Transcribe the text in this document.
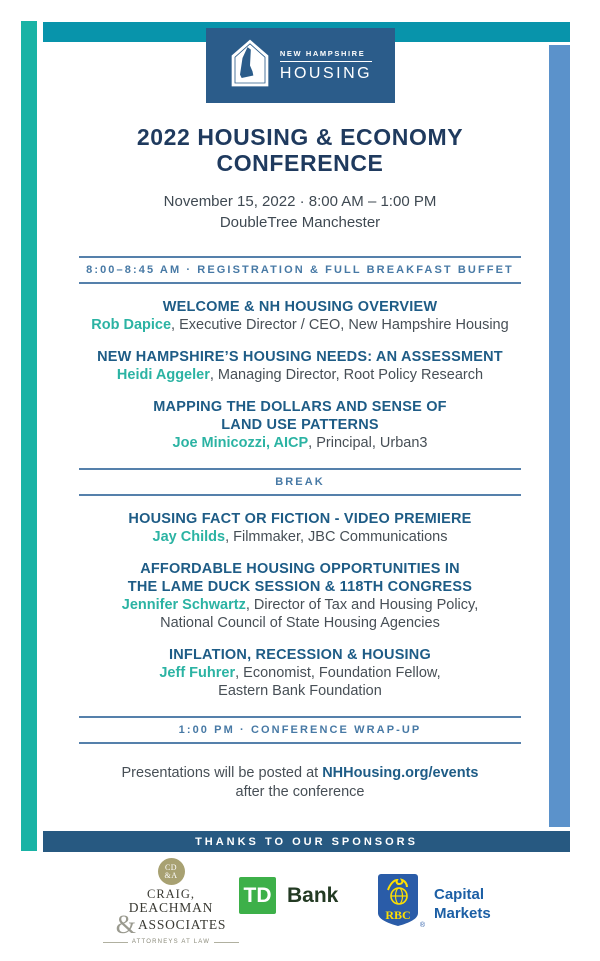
NEW HAMPSHIRE
HOUSING
2022 HOUSING & ECONOMY
CONFERENCE
November 15, 2022 · 8:00 AM – 1:00 PM
DoubleTree Manchester
8:00–8:45 AM · REGISTRATION & FULL BREAKFAST BUFFET
WELCOME & NH HOUSING OVERVIEW
Rob Dapice, Executive Director / CEO, New Hampshire Housing
NEW HAMPSHIRE’S HOUSING NEEDS: AN ASSESSMENT
Heidi Aggeler, Managing Director, Root Policy Research
MAPPING THE DOLLARS AND SENSE OF
LAND USE PATTERNS
Joe Minicozzi, AICP, Principal, Urban3
BREAK
HOUSING FACT OR FICTION - VIDEO PREMIERE
Jay Childs, Filmmaker, JBC Communications
AFFORDABLE HOUSING OPPORTUNITIES IN
THE LAME DUCK SESSION & 118TH CONGRESS
Jennifer Schwartz, Director of Tax and Housing Policy,
National Council of State Housing Agencies
INFLATION, RECESSION & HOUSING
Jeff Fuhrer, Economist, Foundation Fellow,
Eastern Bank Foundation
1:00 PM · CONFERENCE WRAP-UP
Presentations will be posted at NHHousing.org/events
after the conference
THANKS TO OUR SPONSORS
CD
&A
CRAIG,
DEACHMAN
& ASSOCIATES
ATTORNEYS AT LAW
TD Bank
RBC
®
Capital
Markets
